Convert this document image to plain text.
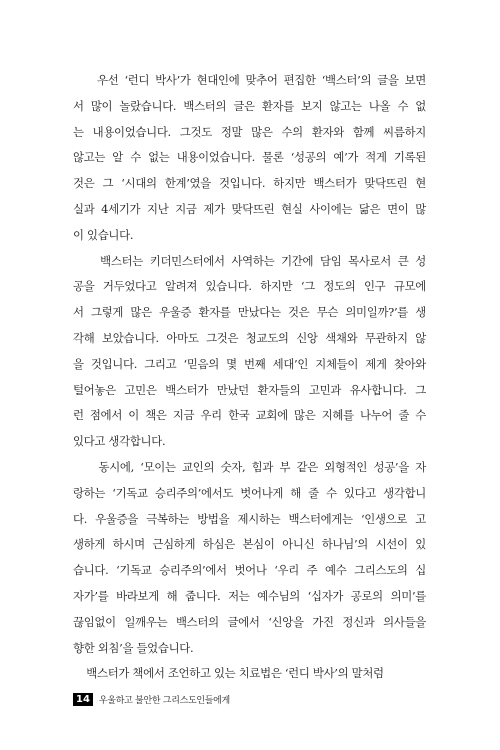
우선 ‘런디 박사’가 현대인에 맞추어 편집한 ‘백스터’의 글을 보면
서 많이 놀랐습니다. 백스터의 글은 환자를 보지 않고는 나올 수 없
는 내용이었습니다. 그것도 정말 많은 수의 환자와 함께 씨름하지
않고는 알 수 없는 내용이었습니다. 물론 ‘성공의 예’가 적게 기록된
것은 그 ‘시대의 한계’였을 것입니다. 하지만 백스터가 맞닥뜨린 현
실과 4세기가 지난 지금 제가 맞닥뜨린 현실 사이에는 닮은 면이 많
이 있습니다.

백스터는 키더민스터에서 사역하는 기간에 담임 목사로서 큰 성
공을 거두었다고 알려져 있습니다. 하지만 ‘그 정도의 인구 규모에
서 그렇게 많은 우울증 환자를 만났다는 것은 무슨 의미일까?’를 생
각해 보았습니다. 아마도 그것은 청교도의 신앙 색채와 무관하지 않
을 것입니다. 그리고 ‘믿음의 몇 번째 세대’인 지체들이 제게 찾아와
털어놓은 고민은 백스터가 만났던 환자들의 고민과 유사합니다. 그
런 점에서 이 책은 지금 우리 한국 교회에 많은 지혜를 나누어 줄 수
있다고 생각합니다.

동시에, ‘모이는 교인의 숫자, 힘과 부 같은 외형적인 성공’을 자
랑하는 ‘기독교 승리주의’에서도 벗어나게 해 줄 수 있다고 생각합니
다. 우울증을 극복하는 방법을 제시하는 백스터에게는 ‘인생으로 고
생하게 하시며 근심하게 하심은 본심이 아니신 하나님’의 시선이 있
습니다. ‘기독교 승리주의’에서 벗어나 ‘우리 주 예수 그리스도의 십
자가’를 바라보게 해 줍니다. 저는 예수님의 ‘십자가 공로의 의미’를
끊임없이 일깨우는 백스터의 글에서 ‘신앙을 가진 정신과 의사들을
향한 외침’을 들었습니다.

백스터가 책에서 조언하고 있는 치료법은 ‘런디 박사’의 말처럼

14	우울하고 불안한 그리스도인들에게
